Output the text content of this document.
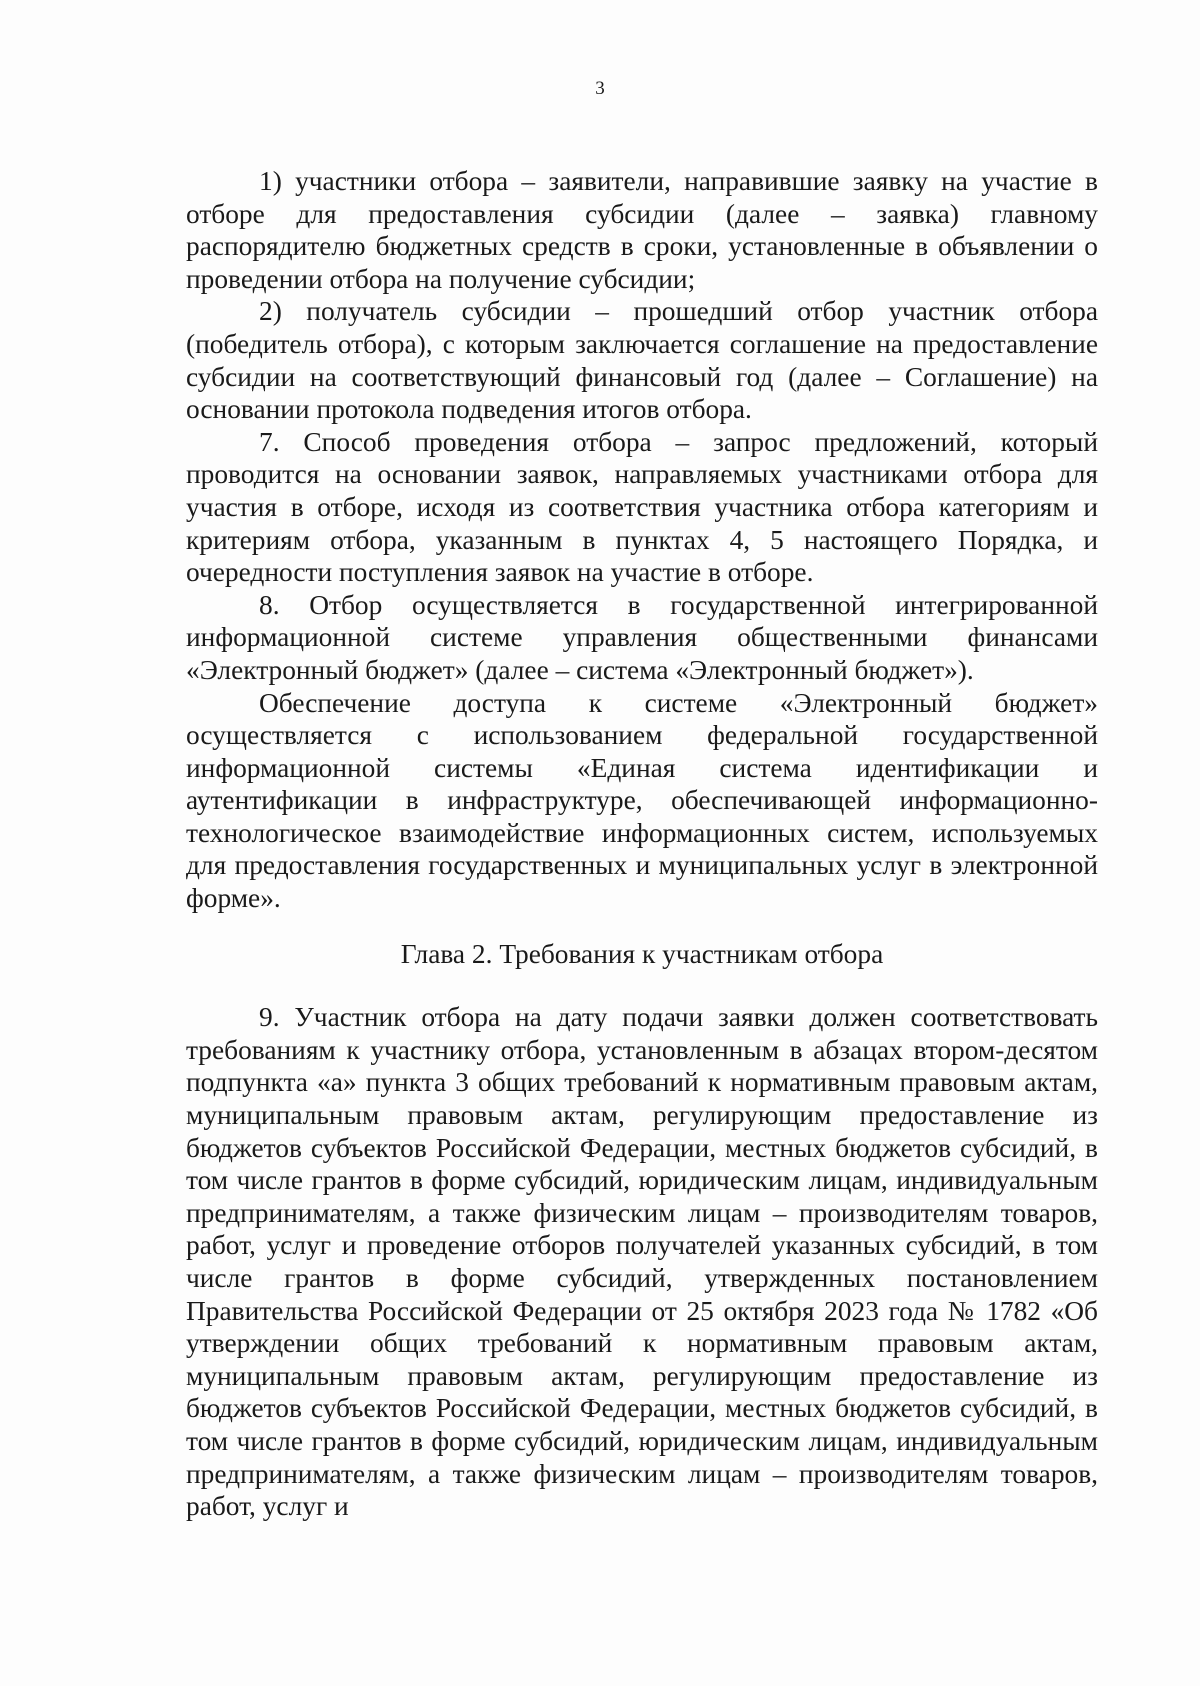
3

1) участники отбора – заявители, направившие заявку на участие в отборе для предоставления субсидии (далее – заявка) главному распорядителю бюджетных средств в сроки, установленные в объявлении о проведении отбора на получение субсидии;

2) получатель субсидии – прошедший отбор участник отбора (победитель отбора), с которым заключается соглашение на предоставление субсидии на соответствующий финансовый год (далее – Соглашение) на основании протокола подведения итогов отбора.

7. Способ проведения отбора – запрос предложений, который проводится на основании заявок, направляемых участниками отбора для участия в отборе, исходя из соответствия участника отбора категориям и критериям отбора, указанным в пунктах 4, 5 настоящего Порядка, и очередности поступления заявок на участие в отборе.

8. Отбор осуществляется в государственной интегрированной информационной системе управления общественными финансами «Электронный бюджет» (далее – система «Электронный бюджет»).

Обеспечение доступа к системе «Электронный бюджет» осуществляется с использованием федеральной государственной информационной системы «Единая система идентификации и аутентификации в инфраструктуре, обеспечивающей информационно-технологическое взаимодействие информационных систем, используемых для предоставления государственных и муниципальных услуг в электронной форме».

Глава 2. Требования к участникам отбора

9. Участник отбора на дату подачи заявки должен соответствовать требованиям к участнику отбора, установленным в абзацах втором-десятом подпункта «а» пункта 3 общих требований к нормативным правовым актам, муниципальным правовым актам, регулирующим предоставление из бюджетов субъектов Российской Федерации, местных бюджетов субсидий, в том числе грантов в форме субсидий, юридическим лицам, индивидуальным предпринимателям, а также физическим лицам – производителям товаров, работ, услуг и проведение отборов получателей указанных субсидий, в том числе грантов в форме субсидий, утвержденных постановлением Правительства Российской Федерации от 25 октября 2023 года № 1782 «Об утверждении общих требований к нормативным правовым актам, муниципальным правовым актам, регулирующим предоставление из бюджетов субъектов Российской Федерации, местных бюджетов субсидий, в том числе грантов в форме субсидий, юридическим лицам, индивидуальным предпринимателям, а также физическим лицам – производителям товаров, работ, услуг и
